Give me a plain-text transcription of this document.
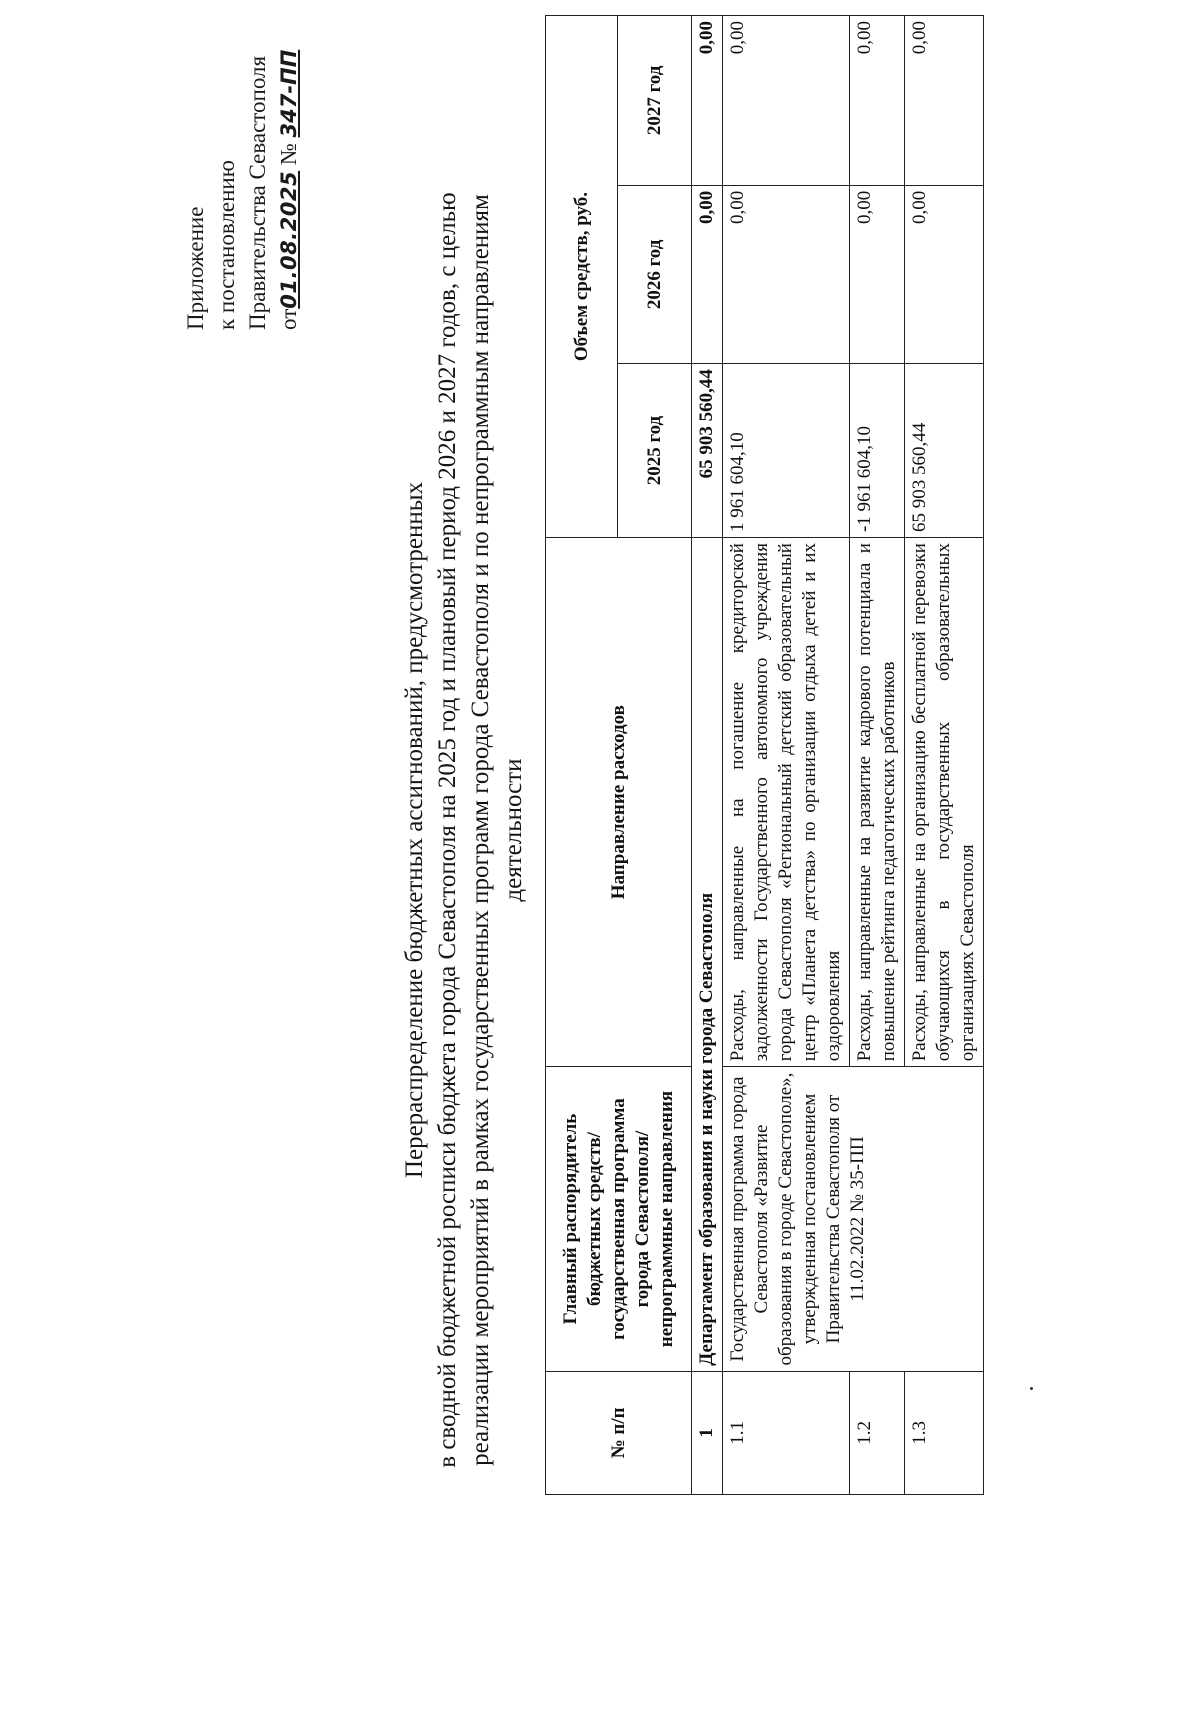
Приложение к постановлению Правительства Севастополя от01.08.2025 № 347-ПП
Перераспределение бюджетных ассигнований, предусмотренных в сводной бюджетной росписи бюджета города Севастополя на 2025 год и плановый период 2026 и 2027 годов, с целью реализации мероприятий в рамках государственных программ города Севастополя и по непрограммным направлениям деятельности
№ п/п	Главный распорядитель бюджетных средств/государственная программа города Севастополя/непрограммные направления	Направление расходов	Объем средств, руб.		
			2025 год	2026 год	2027 год
1	Департамент образования и науки города Севастополя		65 903 560,44	0,00	0,00
1.1	Государственная программа города Севастополя «Развитие образования в городе Севастополе», утвержденная постановлением Правительства Севастополя от 11.02.2022 № 35-ПП	Расходы, направленные на погашение кредиторской задолженности Государственного автономного учреждения города Севастополя «Региональный детский образовательный центр «Планета детства» по организации отдыха детей и их оздоровления	1 961 604,10	0,00	0,00
1.2		Расходы, направленные на развитие кадрового потенциала и повышение рейтинга педагогических работников	-1 961 604,10	0,00	0,00
1.3		Расходы, направленные на организацию бесплатной перевозки обучающихся в государственных образовательных организациях Севастополя	65 903 560,44	0,00	0,00
